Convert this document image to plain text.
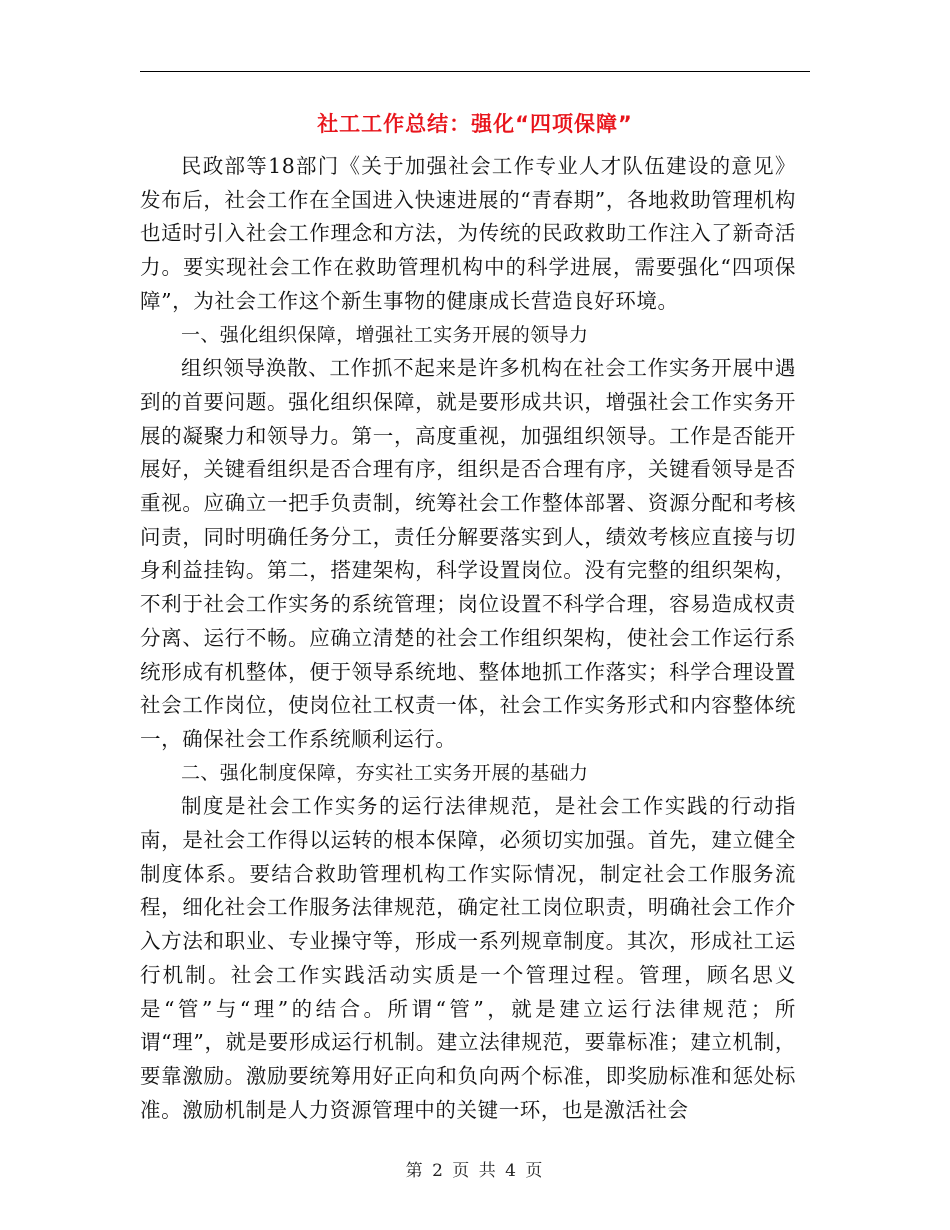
社工工作总结：强化“四项保障”

民政部等18部门《关于加强社会工作专业人才队伍建设的意见》发布后，社会工作在全国进入快速进展的“青春期”，各地救助管理机构也适时引入社会工作理念和方法，为传统的民政救助工作注入了新奇活力。要实现社会工作在救助管理机构中的科学进展，需要强化“四项保障”，为社会工作这个新生事物的健康成长营造良好环境。

一、强化组织保障，增强社工实务开展的领导力

组织领导涣散、工作抓不起来是许多机构在社会工作实务开展中遇到的首要问题。强化组织保障，就是要形成共识，增强社会工作实务开展的凝聚力和领导力。第一，高度重视，加强组织领导。工作是否能开展好，关键看组织是否合理有序，组织是否合理有序，关键看领导是否重视。应确立一把手负责制，统筹社会工作整体部署、资源分配和考核问责，同时明确任务分工，责任分解要落实到人，绩效考核应直接与切身利益挂钩。第二，搭建架构，科学设置岗位。没有完整的组织架构，不利于社会工作实务的系统管理；岗位设置不科学合理，容易造成权责分离、运行不畅。应确立清楚的社会工作组织架构，使社会工作运行系统形成有机整体，便于领导系统地、整体地抓工作落实；科学合理设置社会工作岗位，使岗位社工权责一体，社会工作实务形式和内容整体统一，确保社会工作系统顺利运行。

二、强化制度保障，夯实社工实务开展的基础力

制度是社会工作实务的运行法律规范，是社会工作实践的行动指南，是社会工作得以运转的根本保障，必须切实加强。首先，建立健全制度体系。要结合救助管理机构工作实际情况，制定社会工作服务流程，细化社会工作服务法律规范，确定社工岗位职责，明确社会工作介入方法和职业、专业操守等，形成一系列规章制度。其次，形成社工运行机制。社会工作实践活动实质是一个管理过程。管理，顾名思义是“管”与“理”的结合。所谓“管”，就是建立运行法律规范；所谓“理”，就是要形成运行机制。建立法律规范，要靠标准；建立机制，要靠激励。激励要统筹用好正向和负向两个标准，即奖励标准和惩处标准。激励机制是人力资源管理中的关键一环，也是激活社会

第 2 页 共 4 页
